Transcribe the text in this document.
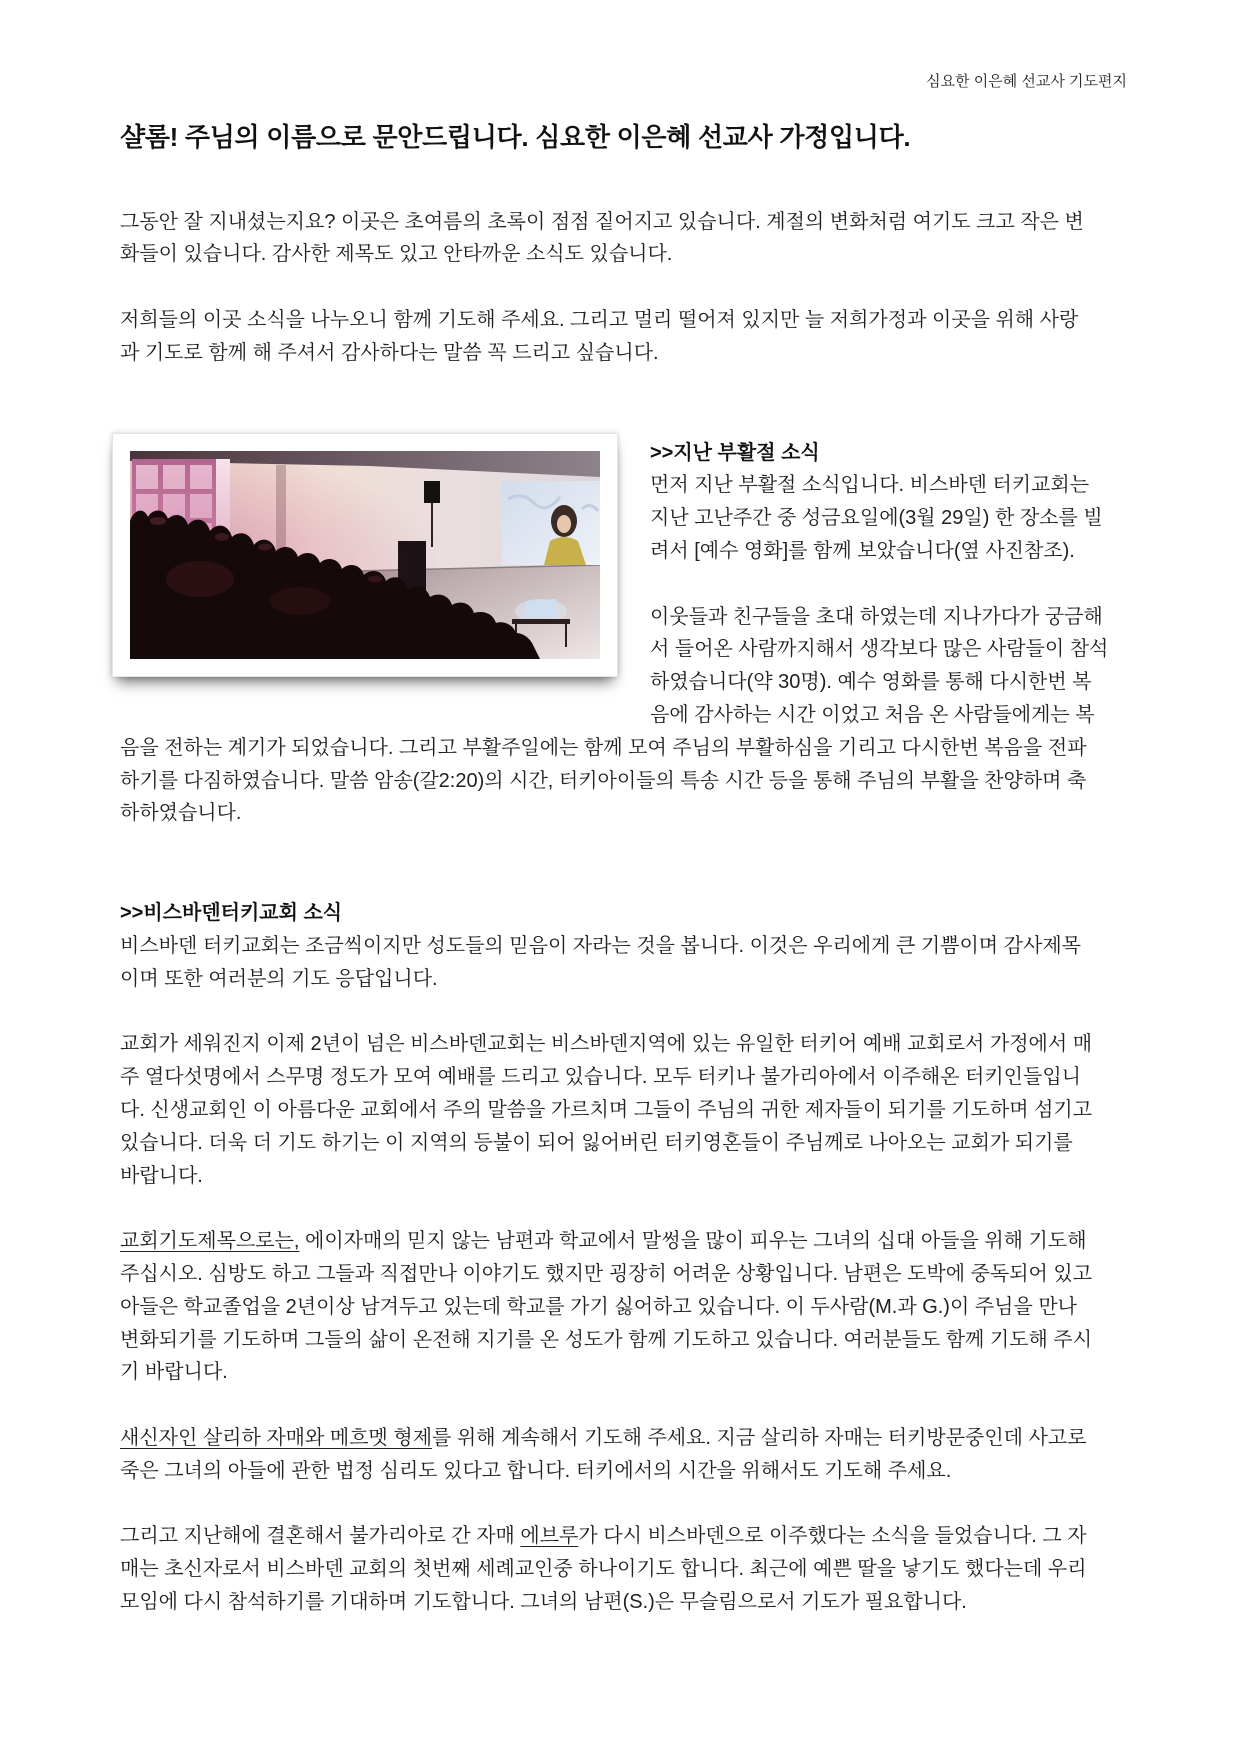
심요한 이은혜 선교사 기도편지
샬롬! 주님의 이름으로 문안드립니다. 심요한 이은혜 선교사 가정입니다.
그동안 잘 지내셨는지요? 이곳은 초여름의 초록이 점점 짙어지고 있습니다. 계절의 변화처럼 여기도 크고 작은 변
화들이 있습니다. 감사한 제목도 있고 안타까운 소식도 있습니다.
저희들의 이곳 소식을 나누오니 함께 기도해 주세요. 그리고 멀리 떨어져 있지만 늘 저희가정과 이곳을 위해 사랑
과 기도로 함께 해 주셔서 감사하다는 말씀 꼭 드리고 싶습니다.
>>지난 부활절 소식
먼저 지난 부활절 소식입니다. 비스바덴 터키교회는
지난 고난주간 중 성금요일에(3월 29일) 한 장소를 빌
려서 [예수 영화]를 함께 보았습니다(옆 사진참조).
이웃들과 친구들을 초대 하였는데 지나가다가 궁금해
서 들어온 사람까지해서 생각보다 많은 사람들이 참석
하였습니다(약 30명). 예수 영화를 통해 다시한번 복
음에 감사하는 시간 이었고 처음 온 사람들에게는 복
음을 전하는 계기가 되었습니다. 그리고 부활주일에는 함께 모여 주님의 부활하심을 기리고 다시한번 복음을 전파
하기를 다짐하였습니다. 말씀 암송(갈2:20)의 시간, 터키아이들의 특송 시간 등을 통해 주님의 부활을 찬양하며 축
하하였습니다.
>>비스바덴터키교회 소식
비스바덴 터키교회는 조금씩이지만 성도들의 믿음이 자라는 것을 봅니다. 이것은 우리에게 큰 기쁨이며 감사제목
이며 또한 여러분의 기도 응답입니다.
교회가 세워진지 이제 2년이 넘은 비스바덴교회는 비스바덴지역에 있는 유일한 터키어 예배 교회로서 가정에서 매
주 열다섯명에서 스무명 정도가 모여 예배를 드리고 있습니다. 모두 터키나 불가리아에서 이주해온 터키인들입니
다. 신생교회인 이 아름다운 교회에서 주의 말씀을 가르치며 그들이 주님의 귀한 제자들이 되기를 기도하며 섬기고
있습니다. 더욱 더 기도 하기는 이 지역의 등불이 되어 잃어버린 터키영혼들이 주님께로 나아오는 교회가 되기를
바랍니다.
교회기도제목으로는, 에이자매의 믿지 않는 남편과 학교에서 말썽을 많이 피우는 그녀의 십대 아들을 위해 기도해
주십시오. 심방도 하고 그들과 직접만나 이야기도 했지만 굉장히 어려운 상황입니다. 남편은 도박에 중독되어 있고
아들은 학교졸업을 2년이상 남겨두고 있는데 학교를 가기 싫어하고 있습니다. 이 두사람(M.과 G.)이 주님을 만나
변화되기를 기도하며 그들의 삶이 온전해 지기를 온 성도가 함께 기도하고 있습니다. 여러분들도 함께 기도해 주시
기 바랍니다.
새신자인 살리하 자매와 메흐멧 형제를 위해 계속해서 기도해 주세요. 지금 살리하 자매는 터키방문중인데 사고로
죽은 그녀의 아들에 관한 법정 심리도 있다고 합니다. 터키에서의 시간을 위해서도 기도해 주세요.
그리고 지난해에 결혼해서 불가리아로 간 자매 에브루가 다시 비스바덴으로 이주했다는 소식을 들었습니다. 그 자
매는 초신자로서 비스바덴 교회의 첫번째 세례교인중 하나이기도 합니다. 최근에 예쁜 딸을 낳기도 했다는데 우리
모임에 다시 참석하기를 기대하며 기도합니다. 그녀의 남편(S.)은 무슬림으로서 기도가 필요합니다.
